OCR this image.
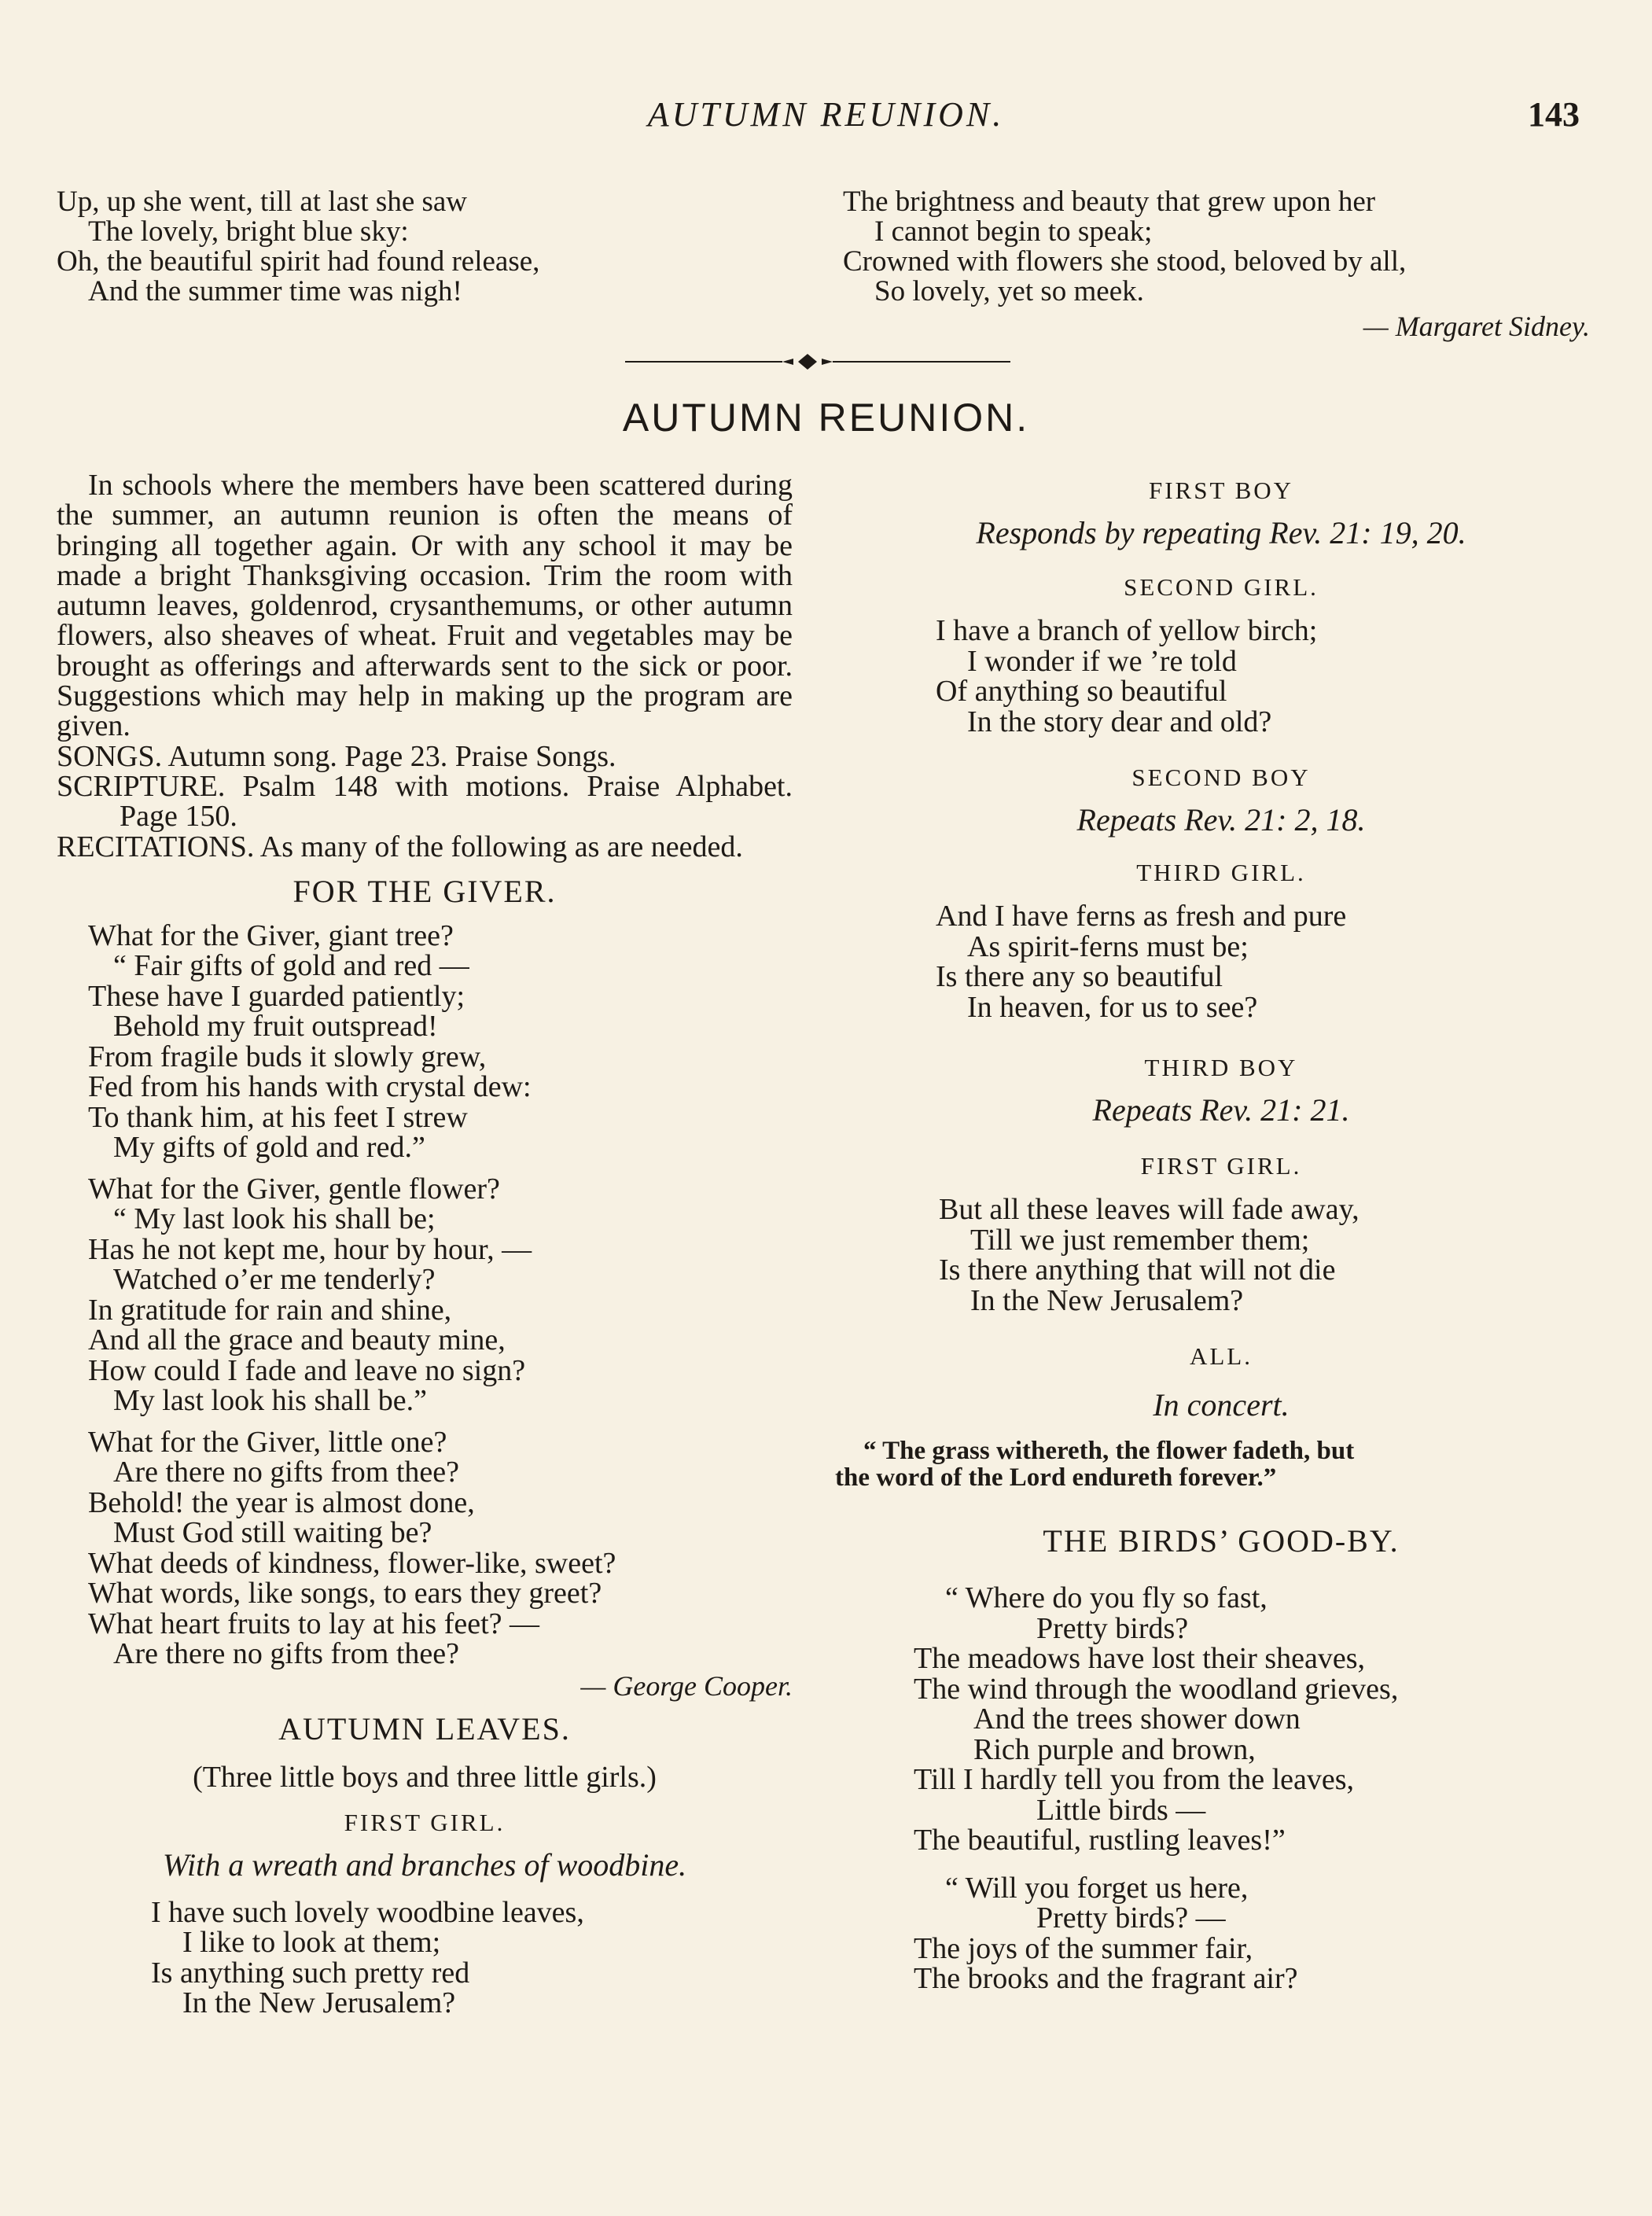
AUTUMN REUNION.	143
Up, up she went, till at last she saw
The lovely, bright blue sky:
Oh, the beautiful spirit had found release,
And the summer time was nigh!
The brightness and beauty that grew upon her
I cannot begin to speak;
Crowned with flowers she stood, beloved by all,
So lovely, yet so meek.
— Margaret Sidney.
AUTUMN REUNION.
In schools where the members have been scattered during the summer, an autumn reunion is often the means of bringing all together again. Or with any school it may be made a bright Thanksgiving occasion. Trim the room with autumn leaves, goldenrod, crysanthemums, or other autumn flowers, also sheaves of wheat. Fruit and vegetables may be brought as offerings and afterwards sent to the sick or poor. Suggestions which may help in making up the program are given.
SONGS. Autumn song. Page 23. Praise Songs.
SCRIPTURE. Psalm 148 with motions. Praise Alphabet. Page 150.
RECITATIONS. As many of the following as are needed.
FOR THE GIVER.
What for the Giver, giant tree?
“ Fair gifts of gold and red —
These have I guarded patiently;
Behold my fruit outspread!
From fragile buds it slowly grew,
Fed from his hands with crystal dew:
To thank him, at his feet I strew
My gifts of gold and red.”
What for the Giver, gentle flower?
“ My last look his shall be;
Has he not kept me, hour by hour, —
Watched o’er me tenderly?
In gratitude for rain and shine,
And all the grace and beauty mine,
How could I fade and leave no sign?
My last look his shall be.”
What for the Giver, little one?
Are there no gifts from thee?
Behold! the year is almost done,
Must God still waiting be?
What deeds of kindness, flower-like, sweet?
What words, like songs, to ears they greet?
What heart fruits to lay at his feet? —
Are there no gifts from thee?
— George Cooper.
AUTUMN LEAVES.
(Three little boys and three little girls.)
FIRST GIRL.
With a wreath and branches of woodbine.
I have such lovely woodbine leaves,
I like to look at them;
Is anything such pretty red
In the New Jerusalem?
FIRST BOY
Responds by repeating Rev. 21: 19, 20.
SECOND GIRL.
I have a branch of yellow birch;
I wonder if we ’re told
Of anything so beautiful
In the story dear and old?
SECOND BOY
Repeats Rev. 21: 2, 18.
THIRD GIRL.
And I have ferns as fresh and pure
As spirit-ferns must be;
Is there any so beautiful
In heaven, for us to see?
THIRD BOY
Repeats Rev. 21: 21.
FIRST GIRL.
But all these leaves will fade away,
Till we just remember them;
Is there anything that will not die
In the New Jerusalem?
ALL.
In concert.
“ The grass withereth, the flower fadeth, but
the word of the Lord endureth forever.”
THE BIRDS’ GOOD-BY.
“ Where do you fly so fast,
Pretty birds?
The meadows have lost their sheaves,
The wind through the woodland grieves,
And the trees shower down
Rich purple and brown,
Till I hardly tell you from the leaves,
Little birds —
The beautiful, rustling leaves!”
“ Will you forget us here,
Pretty birds? —
The joys of the summer fair,
The brooks and the fragrant air?
